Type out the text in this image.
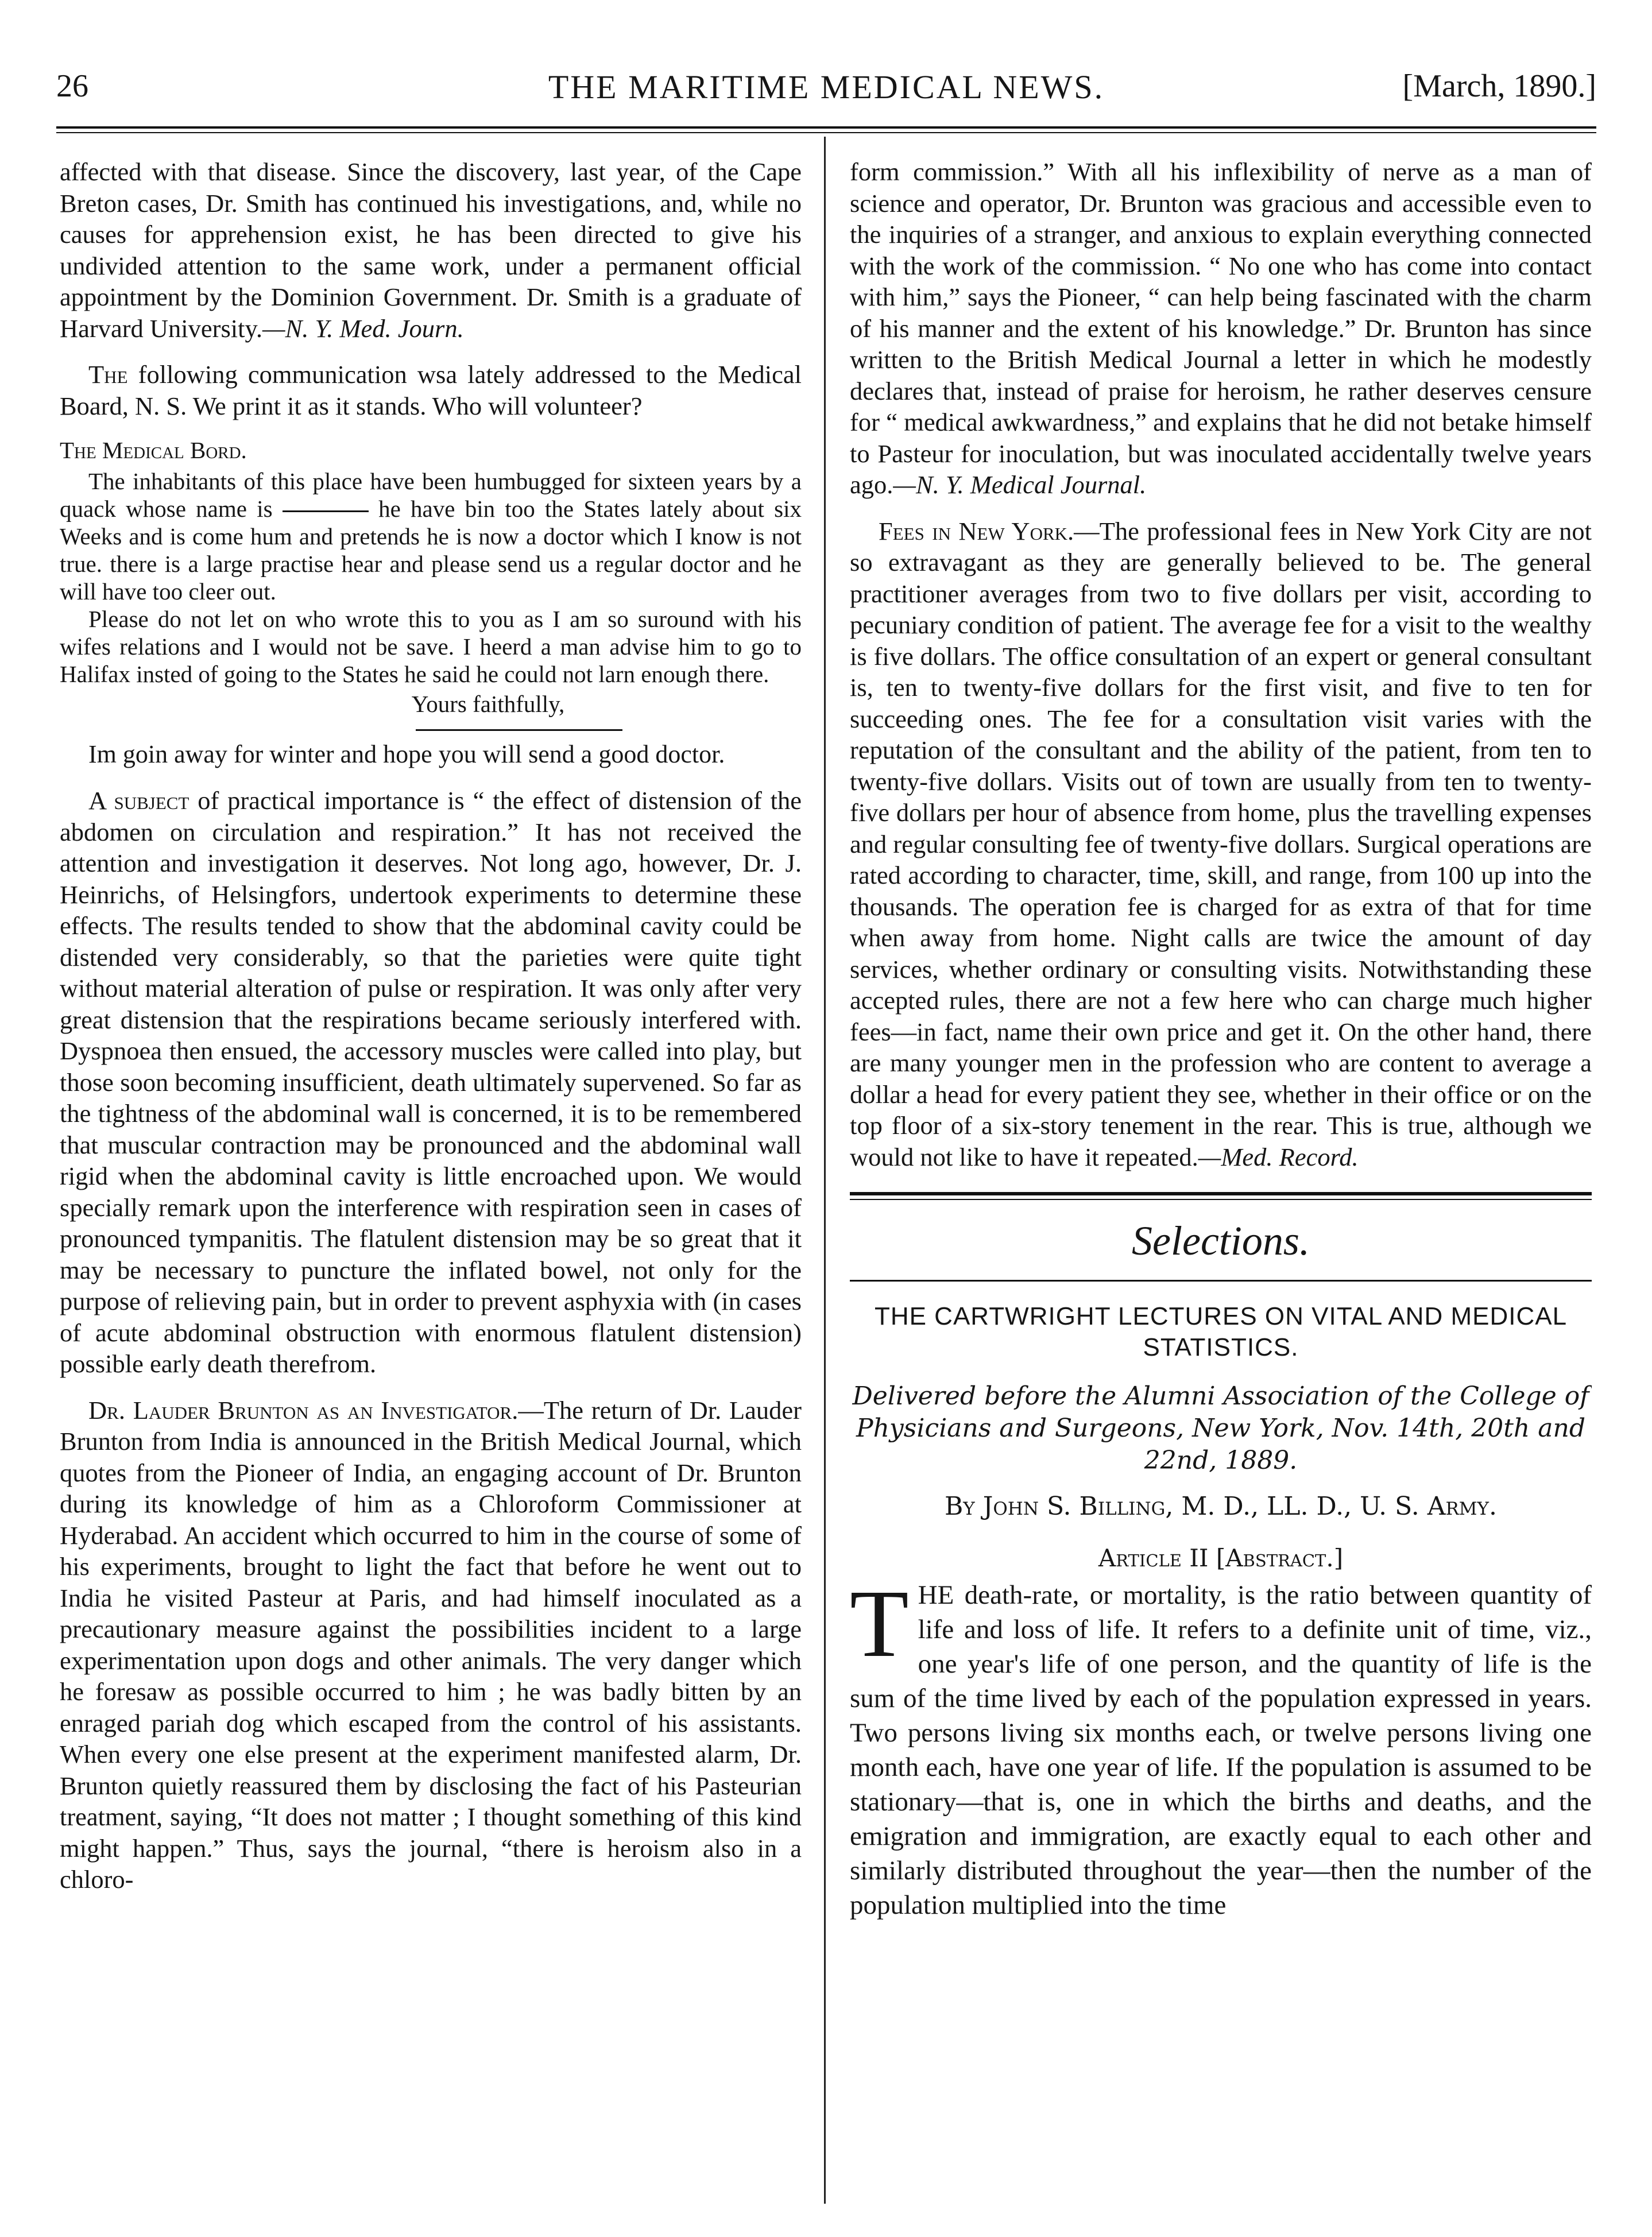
26	THE MARITIME MEDICAL NEWS.	[March, 1890.]

affected with that disease. Since the discovery, last year, of the Cape Breton cases, Dr. Smith has continued his investigations, and, while no causes for apprehension exist, he has been directed to give his undivided attention to the same work, under a permanent official appointment by the Dominion Government. Dr. Smith is a graduate of Harvard University.—N. Y. Med. Journ.

The following communication wsa lately addressed to the Medical Board, N. S. We print it as it stands. Who will volunteer?

The Medical Bord.

The inhabitants of this place have been humbugged for sixteen years by a quack whose name is	he have bin too the States lately about six Weeks and is come hum and pretends he is now a doctor which I know is not true. there is a large practise hear and please send us a regular doctor and he will have too cleer out.

Please do not let on who wrote this to you as I am so suround with his wifes relations and I would not be save. I heerd a man advise him to go to Halifax insted of going to the States he said he could not larn enough there.

Yours faithfully,

Im goin away for winter and hope you will send a good doctor.

A subject of practical importance is “ the effect of distension of the abdomen on circulation and respiration.” It has not received the attention and investigation it deserves. Not long ago, however, Dr. J. Heinrichs, of Helsingfors, undertook experiments to determine these effects. The results tended to show that the abdominal cavity could be distended very considerably, so that the parieties were quite tight without material alteration of pulse or respiration. It was only after very great distension that the respirations became seriously interfered with. Dyspnoea then ensued, the accessory muscles were called into play, but those soon becoming insufficient, death ultimately supervened. So far as the tightness of the abdominal wall is concerned, it is to be remembered that muscular contraction may be pronounced and the abdominal wall rigid when the abdominal cavity is little encroached upon. We would specially remark upon the interference with respiration seen in cases of pronounced tympanitis. The flatulent distension may be so great that it may be necessary to puncture the inflated bowel, not only for the purpose of relieving pain, but in order to prevent asphyxia with (in cases of acute abdominal obstruction with enormous flatulent distension) possible early death therefrom.

Dr. Lauder Brunton as an Investigator.—The return of Dr. Lauder Brunton from India is announced in the British Medical Journal, which quotes from the Pioneer of India, an engaging account of Dr. Brunton during its knowledge of him as a Chloroform Commissioner at Hyderabad. An accident which occurred to him in the course of some of his experiments, brought to light the fact that before he went out to India he visited Pasteur at Paris, and had himself inoculated as a precautionary measure against the possibilities incident to a large experimentation upon dogs and other animals. The very danger which he foresaw as possible occurred to him ; he was badly bitten by an enraged pariah dog which escaped from the control of his assistants. When every one else present at the experiment manifested alarm, Dr. Brunton quietly reassured them by disclosing the fact of his Pasteurian treatment, saying, “It does not matter ; I thought something of this kind might happen.” Thus, says the journal, “there is heroism also in a chloro-

form commission.” With all his inflexibility of nerve as a man of science and operator, Dr. Brunton was gracious and accessible even to the inquiries of a stranger, and anxious to explain everything connected with the work of the commission. “ No one who has come into contact with him,” says the Pioneer, “ can help being fascinated with the charm of his manner and the extent of his knowledge.” Dr. Brunton has since written to the British Medical Journal a letter in which he modestly declares that, instead of praise for heroism, he rather deserves censure for “ medical awkwardness,” and explains that he did not betake himself to Pasteur for inoculation, but was inoculated accidentally twelve years ago.—N. Y. Medical Journal.

Fees in New York.—The professional fees in New York City are not so extravagant as they are generally believed to be. The general practitioner averages from two to five dollars per visit, according to pecuniary condition of patient. The average fee for a visit to the wealthy is five dollars. The office consultation of an expert or general consultant is, ten to twenty-five dollars for the first visit, and five to ten for succeeding ones. The fee for a consultation visit varies with the reputation of the consultant and the ability of the patient, from ten to twenty-five dollars. Visits out of town are usually from ten to twenty-five dollars per hour of absence from home, plus the travelling expenses and regular consulting fee of twenty-five dollars. Surgical operations are rated according to character, time, skill, and range, from 100 up into the thousands. The operation fee is charged for as extra of that for time when away from home. Night calls are twice the amount of day services, whether ordinary or consulting visits. Notwithstanding these accepted rules, there are not a few here who can charge much higher fees—in fact, name their own price and get it. On the other hand, there are many younger men in the profession who are content to average a dollar a head for every patient they see, whether in their office or on the top floor of a six-story tenement in the rear. This is true, although we would not like to have it repeated.—Med. Record.

Selections.
THE CARTWRIGHT LECTURES ON VITAL AND MEDICAL STATISTICS.
Delivered before the Alumni Association of the College of Physicians and Surgeons, New York, Nov. 14th, 20th and 22nd, 1889.
By John S. Billing, M. D., LL. D., U. S. Army.
Article II [Abstract.]
THE death-rate, or mortality, is the ratio between quantity of life and loss of life. It refers to a definite unit of time, viz., one year's life of one person, and the quantity of life is the sum of the time lived by each of the population expressed in years. Two persons living six months each, or twelve persons living one month each, have one year of life. If the population is assumed to be stationary—that is, one in which the births and deaths, and the emigration and immigration, are exactly equal to each other and similarly distributed throughout the year—then the number of the population multiplied into the time
